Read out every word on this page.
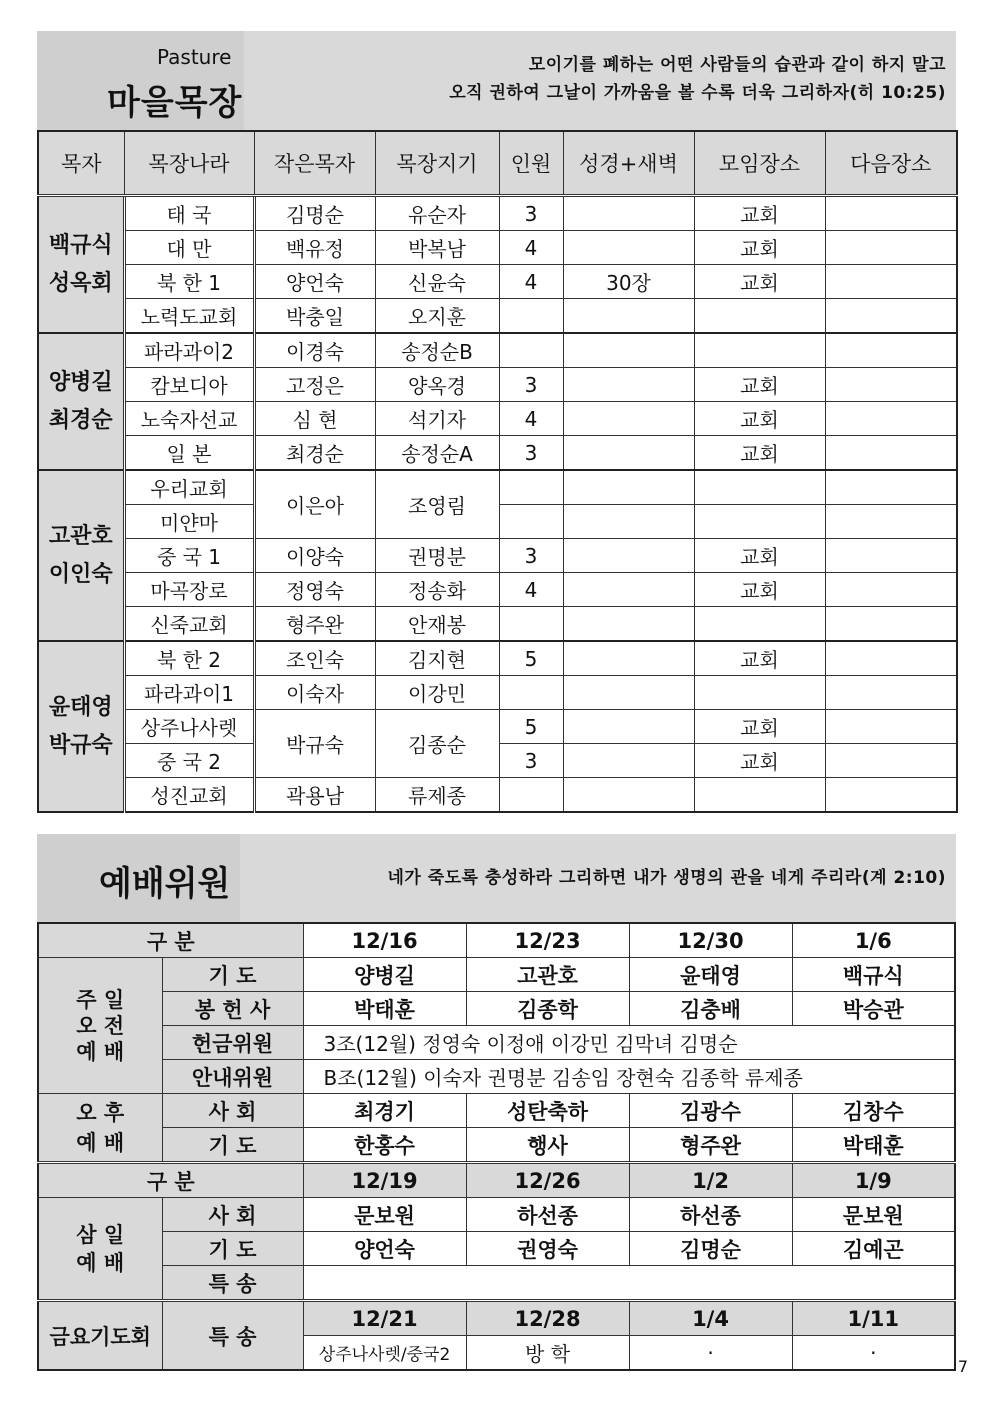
Pasture
마을목장
모이기를 폐하는 어떤 사람들의 습관과 같이 하지 말고
오직 권하여 그날이 가까움을 볼 수록 더욱 그리하자(히 10:25)
목자	목장나라	작은목자	목장지기	인원	성경+새벽	모임장소	다음장소

백규식
성옥회	태 국	김명순	유순자	3		교회	
	대 만	백유정	박복남	4		교회	
	북 한 1	양언숙	신윤숙	4	30장	교회	
	노력도교회	박충일	오지훈				

양병길
최경순	파라과이2	이경숙	송정순B				
	캄보디아	고정은	양옥경	3		교회	
	노숙자선교	심 현	석기자	4		교회	
	일 본	최경순	송정순A	3		교회	

고관호
이인숙	우리교회	이은아	조영림				
	미얀마						
	중 국 1	이양숙	권명분	3		교회	
	마곡장로	정영숙	정송화	4		교회	
	신죽교회	형주완	안재봉				

윤태영
박규숙	북 한 2	조인숙	김지현	5		교회	
	파라과이1	이숙자	이강민				
	상주나사렛	박규숙	김종순	5		교회	
	중 국 2			3		교회	
	성진교회	곽용남	류제종				
예배위원	네가 죽도록 충성하라 그리하면 내가 생명의 관을 네게 주리라(계 2:10)
구 분		12/16	12/23	12/30	1/6
주 일
오 전
예 배	기 도	양병길	고관호	윤태영	백규식
	봉 헌 사	박태훈	김종학	김충배	박승관
	헌금위원	3조(12월) 정영숙 이정애 이강민 김막녀 김명순			
	안내위원	B조(12월) 이숙자 권명분 김송임 장현숙 김종학 류제종			
오 후
예 배	사 회	최경기	성탄축하	김광수	김창수
	기 도	한홍수	행사	형주완	박태훈
구 분		12/19	12/26	1/2	1/9
삼 일
예 배	사 회	문보원	하선종	하선종	문보원
	기 도	양언숙	권영숙	김명순	김예곤
	특 송				
금요기도회	특 송	12/21	12/28	1/4	1/11
		상주나사렛/중국2	방 학	·	·
7
